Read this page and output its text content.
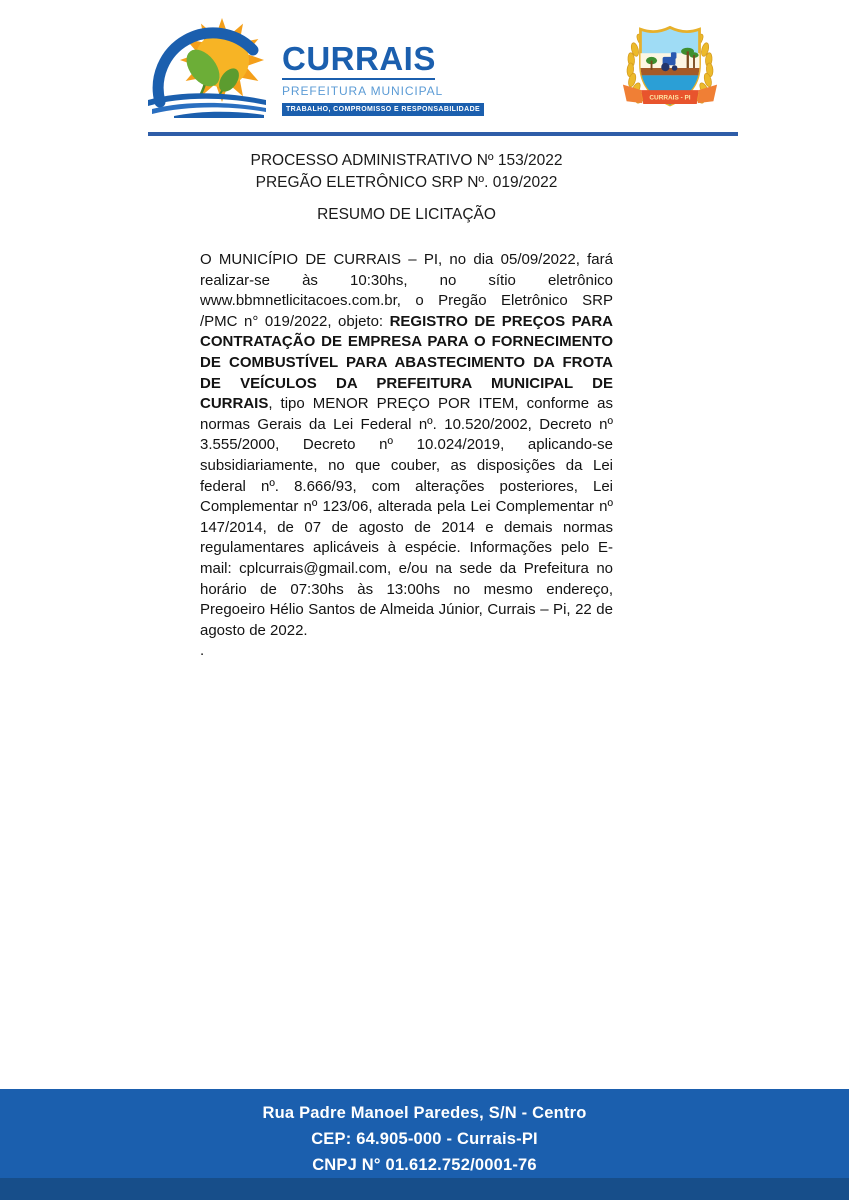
CURRAIS
PREFEITURA MUNICIPAL
TRABALHO, COMPROMISSO E RESPONSABILIDADE
CURRAIS - PI
PROCESSO ADMINISTRATIVO Nº 153/2022
PREGÃO ELETRÔNICO SRP Nº. 019/2022
RESUMO DE LICITAÇÃO
O MUNICÍPIO DE CURRAIS – PI, no dia 05/09/2022, fará realizar-se às 10:30hs, no sítio eletrônico www.bbmnetlicitacoes.com.br, o Pregão Eletrônico SRP /PMC n° 019/2022, objeto: REGISTRO DE PREÇOS PARA CONTRATAÇÃO DE EMPRESA PARA O FORNECIMENTO DE COMBUSTÍVEL PARA ABASTECIMENTO DA FROTA DE VEÍCULOS DA PREFEITURA MUNICIPAL DE CURRAIS, tipo MENOR PREÇO POR ITEM, conforme as normas Gerais da Lei Federal nº. 10.520/2002, Decreto nº 3.555/2000, Decreto nº 10.024/2019, aplicando-se subsidiariamente, no que couber, as disposições da Lei federal nº. 8.666/93, com alterações posteriores, Lei Complementar nº 123/06, alterada pela Lei Complementar nº 147/2014, de 07 de agosto de 2014 e demais normas regulamentares aplicáveis à espécie. Informações pelo E-mail: cplcurrais@gmail.com, e/ou na sede da Prefeitura no horário de 07:30hs às 13:00hs no mesmo endereço, Pregoeiro Hélio Santos de Almeida Júnior, Currais – Pi, 22 de agosto de 2022.
.
Rua Padre Manoel Paredes, S/N - Centro
CEP: 64.905-000 - Currais-PI
CNPJ N° 01.612.752/0001-76
